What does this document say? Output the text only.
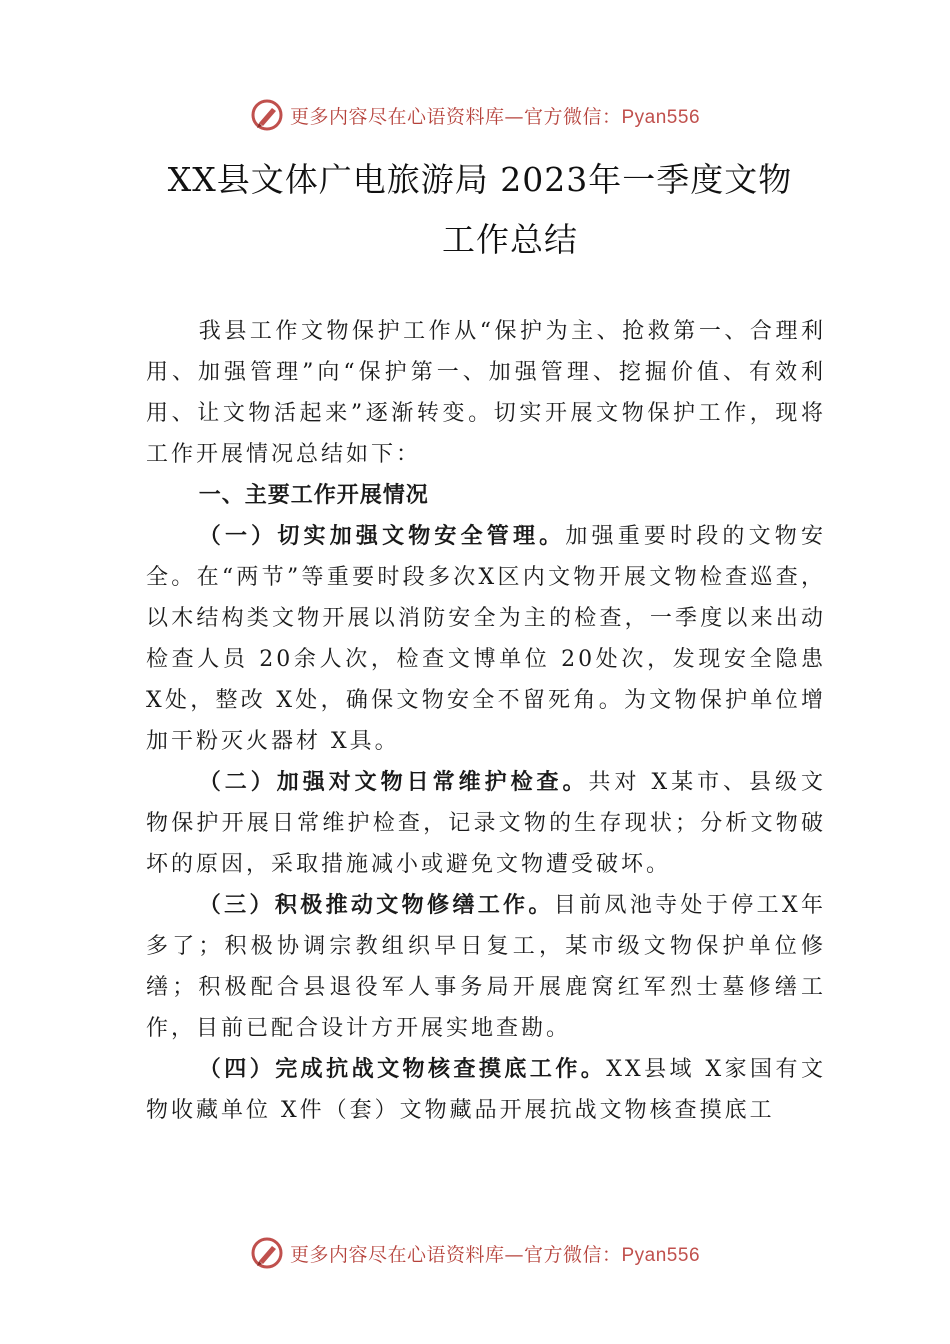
更多内容尽在心语资料库—官方微信：Pyan556
XX县文体广电旅游局 2023年一季度文物
工作总结

我县工作文物保护工作从“保护为主、抢救第一、合理利用、加强管理”向“保护第一、加强管理、挖掘价值、有效利用、让文物活起来”逐渐转变。切实开展文物保护工作，现将工作开展情况总结如下：

一、主要工作开展情况

（一）切实加强文物安全管理。加强重要时段的文物安全。在“两节”等重要时段多次X区内文物开展文物检查巡查，以木结构类文物开展以消防安全为主的检查，一季度以来出动检查人员 20余人次，检查文博单位 20处次，发现安全隐患 X处，整改 X处，确保文物安全不留死角。为文物保护单位增加干粉灭火器材 X具。

（二）加强对文物日常维护检查。共对 X某市、县级文物保护开展日常维护检查，记录文物的生存现状；分析文物破坏的原因，采取措施减小或避免文物遭受破坏。

（三）积极推动文物修缮工作。目前凤池寺处于停工X年多了；积极协调宗教组织早日复工，某市级文物保护单位修缮；积极配合县退役军人事务局开展鹿窝红军烈士墓修缮工作，目前已配合设计方开展实地查勘。

（四）完成抗战文物核查摸底工作。XX县域 X家国有文物收藏单位 X件（套）文物藏品开展抗战文物核查摸底工

更多内容尽在心语资料库—官方微信：Pyan556
